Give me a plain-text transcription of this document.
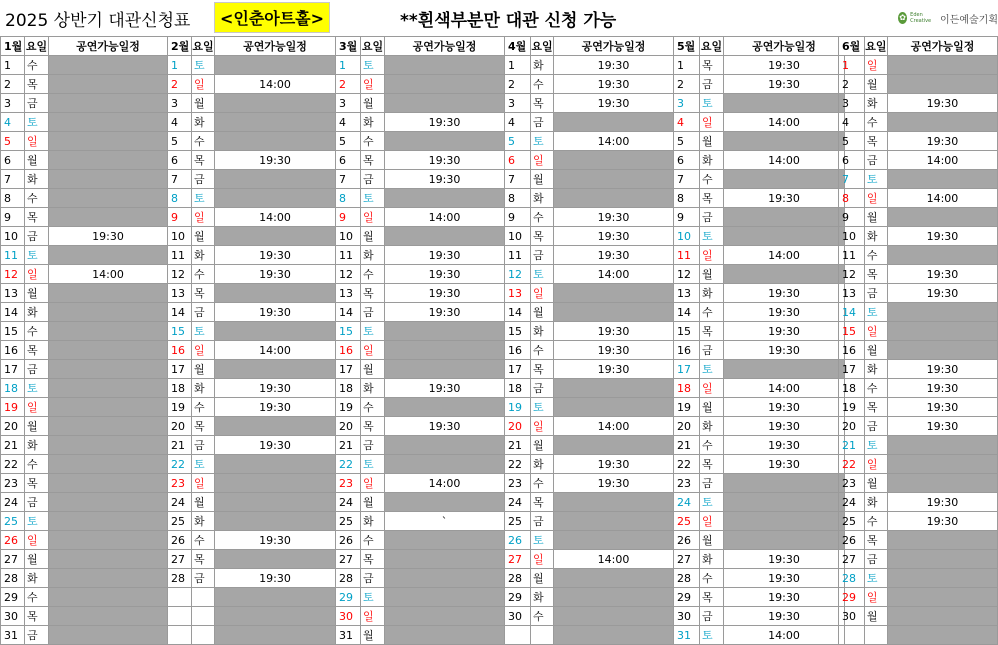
2025 상반기 대관신청표	<인춘아트홀>	**흰색부분만 대관 신청 가능	✿ Eden Creative 이든예술기획
1월	요일	공연가능일정
1	수	
2	목	
3	금	
4	토	
5	일	
6	월	
7	화	
8	수	
9	목	
10	금	19:30
11	토	
12	일	14:00
13	월	
14	화	
15	수	
16	목	
17	금	
18	토	
19	일	
20	월	
21	화	
22	수	
23	목	
24	금	
25	토	
26	일	
27	월	
28	화	
29	수	
30	목	
31	금	
2월	요일	공연가능일정
1	토	
2	일	14:00
3	월	
4	화	
5	수	
6	목	19:30
7	금	
8	토	
9	일	14:00
10	월	
11	화	19:30
12	수	19:30
13	목	
14	금	19:30
15	토	
16	일	14:00
17	월	
18	화	19:30
19	수	19:30
20	목	
21	금	19:30
22	토	
23	일	
24	월	
25	화	
26	수	19:30
27	목	
28	금	19:30

3월	요일	공연가능일정
1	토	
2	일	
3	월	
4	화	19:30
5	수	
6	목	19:30
7	금	19:30
8	토	
9	일	14:00
10	월	
11	화	19:30
12	수	19:30
13	목	19:30
14	금	19:30
15	토	
16	일	
17	월	
18	화	19:30
19	수	
20	목	19:30
21	금	
22	토	
23	일	14:00
24	월	
25	화	`
26	수	
27	목	
28	금	
29	토	
30	일	
31	월	
4월	요일	공연가능일정
1	화	19:30
2	수	19:30
3	목	19:30
4	금	
5	토	14:00
6	일	
7	월	
8	화	
9	수	19:30
10	목	19:30
11	금	19:30
12	토	14:00
13	일	
14	월	
15	화	19:30
16	수	19:30
17	목	19:30
18	금	
19	토	
20	일	14:00
21	월	
22	화	19:30
23	수	19:30
24	목	
25	금	
26	토	
27	일	14:00
28	월	
29	화	
30	수	

5월	요일	공연가능일정
1	목	19:30
2	금	19:30
3	토	
4	일	14:00
5	월	
6	화	14:00
7	수	
8	목	19:30
9	금	
10	토	
11	일	14:00
12	월	
13	화	19:30
14	수	19:30
15	목	19:30
16	금	19:30
17	토	
18	일	14:00
19	월	19:30
20	화	19:30
21	수	19:30
22	목	19:30
23	금	
24	토	
25	일	
26	월	
27	화	19:30
28	수	19:30
29	목	19:30
30	금	19:30
31	토	14:00
6월	요일	공연가능일정
1	일	
2	월	
3	화	19:30
4	수	
5	목	19:30
6	금	14:00
7	토	
8	일	14:00
9	월	
10	화	19:30
11	수	
12	목	19:30
13	금	19:30
14	토	
15	일	
16	월	
17	화	19:30
18	수	19:30
19	목	19:30
20	금	19:30
21	토	
22	일	
23	월	
24	화	19:30
25	수	19:30
26	목	
27	금	
28	토	
29	일	
30	월	
